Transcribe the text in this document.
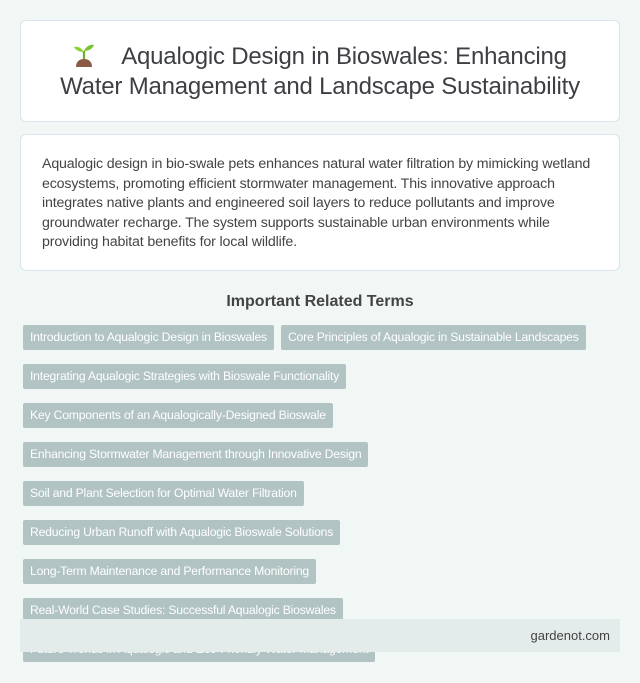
Aqualogic Design in Bioswales: Enhancing Water Management and Landscape Sustainability

Aqualogic design in bio-swale pets enhances natural water filtration by mimicking wetland ecosystems, promoting efficient stormwater management. This innovative approach integrates native plants and engineered soil layers to reduce pollutants and improve groundwater recharge. The system supports sustainable urban environments while providing habitat benefits for local wildlife.

Important Related Terms
Introduction to Aqualogic Design in Bioswales	Core Principles of Aqualogic in Sustainable Landscapes
Integrating Aqualogic Strategies with Bioswale Functionality
Key Components of an Aqualogically-Designed Bioswale
Enhancing Stormwater Management through Innovative Design
Soil and Plant Selection for Optimal Water Filtration
Reducing Urban Runoff with Aqualogic Bioswale Solutions
Long-Term Maintenance and Performance Monitoring
Real-World Case Studies: Successful Aqualogic Bioswales
gardenot.com
